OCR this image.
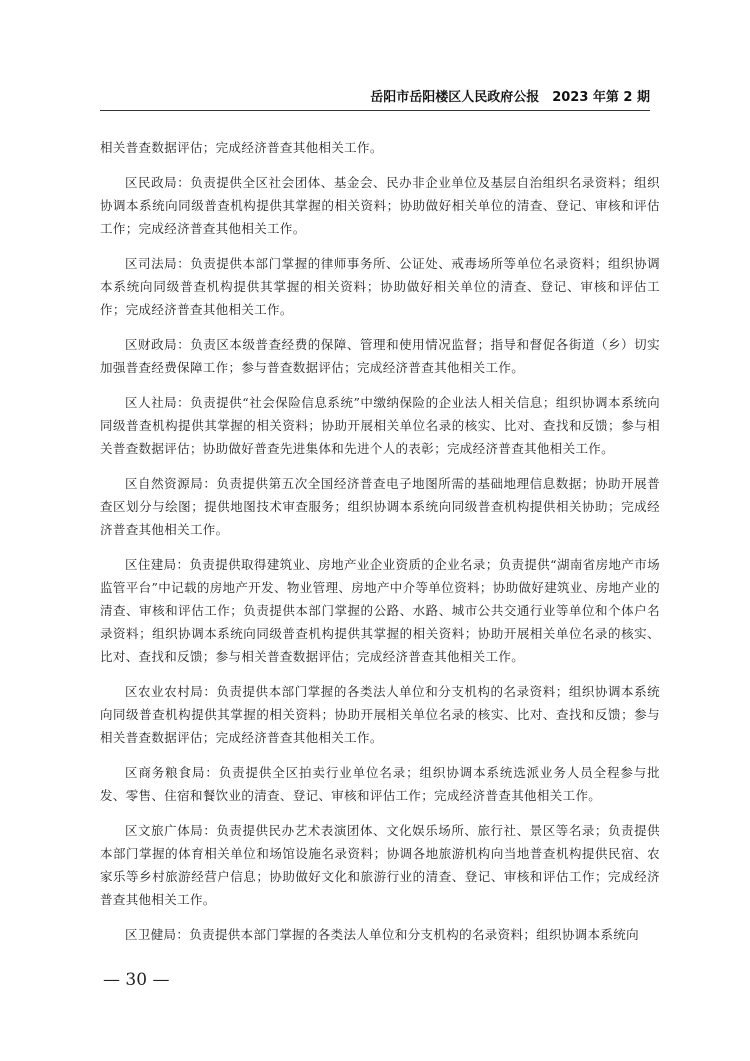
岳阳市岳阳楼区人民政府公报　2023 年第 2 期

相关普查数据评估；完成经济普查其他相关工作。

区民政局：负责提供全区社会团体、基金会、民办非企业单位及基层自治组织名录资料；组织协调本系统向同级普查机构提供其掌握的相关资料；协助做好相关单位的清查、登记、审核和评估工作；完成经济普查其他相关工作。

区司法局：负责提供本部门掌握的律师事务所、公证处、戒毒场所等单位名录资料；组织协调本系统向同级普查机构提供其掌握的相关资料；协助做好相关单位的清查、登记、审核和评估工作；完成经济普查其他相关工作。

区财政局：负责区本级普查经费的保障、管理和使用情况监督；指导和督促各街道（乡）切实加强普查经费保障工作；参与普查数据评估；完成经济普查其他相关工作。

区人社局：负责提供“社会保险信息系统”中缴纳保险的企业法人相关信息；组织协调本系统向同级普查机构提供其掌握的相关资料；协助开展相关单位名录的核实、比对、查找和反馈；参与相关普查数据评估；协助做好普查先进集体和先进个人的表彰；完成经济普查其他相关工作。

区自然资源局：负责提供第五次全国经济普查电子地图所需的基础地理信息数据；协助开展普查区划分与绘图；提供地图技术审查服务；组织协调本系统向同级普查机构提供相关协助；完成经济普查其他相关工作。

区住建局：负责提供取得建筑业、房地产业企业资质的企业名录；负责提供“湖南省房地产市场监管平台”中记载的房地产开发、物业管理、房地产中介等单位资料；协助做好建筑业、房地产业的清查、审核和评估工作；负责提供本部门掌握的公路、水路、城市公共交通行业等单位和个体户名录资料；组织协调本系统向同级普查机构提供其掌握的相关资料；协助开展相关单位名录的核实、比对、查找和反馈；参与相关普查数据评估；完成经济普查其他相关工作。

区农业农村局：负责提供本部门掌握的各类法人单位和分支机构的名录资料；组织协调本系统向同级普查机构提供其掌握的相关资料；协助开展相关单位名录的核实、比对、查找和反馈；参与相关普查数据评估；完成经济普查其他相关工作。

区商务粮食局：负责提供全区拍卖行业单位名录；组织协调本系统选派业务人员全程参与批发、零售、住宿和餐饮业的清查、登记、审核和评估工作；完成经济普查其他相关工作。

区文旅广体局：负责提供民办艺术表演团体、文化娱乐场所、旅行社、景区等名录；负责提供本部门掌握的体育相关单位和场馆设施名录资料；协调各地旅游机构向当地普查机构提供民宿、农家乐等乡村旅游经营户信息；协助做好文化和旅游行业的清查、登记、审核和评估工作；完成经济普查其他相关工作。

区卫健局：负责提供本部门掌握的各类法人单位和分支机构的名录资料；组织协调本系统向

— 30 —
